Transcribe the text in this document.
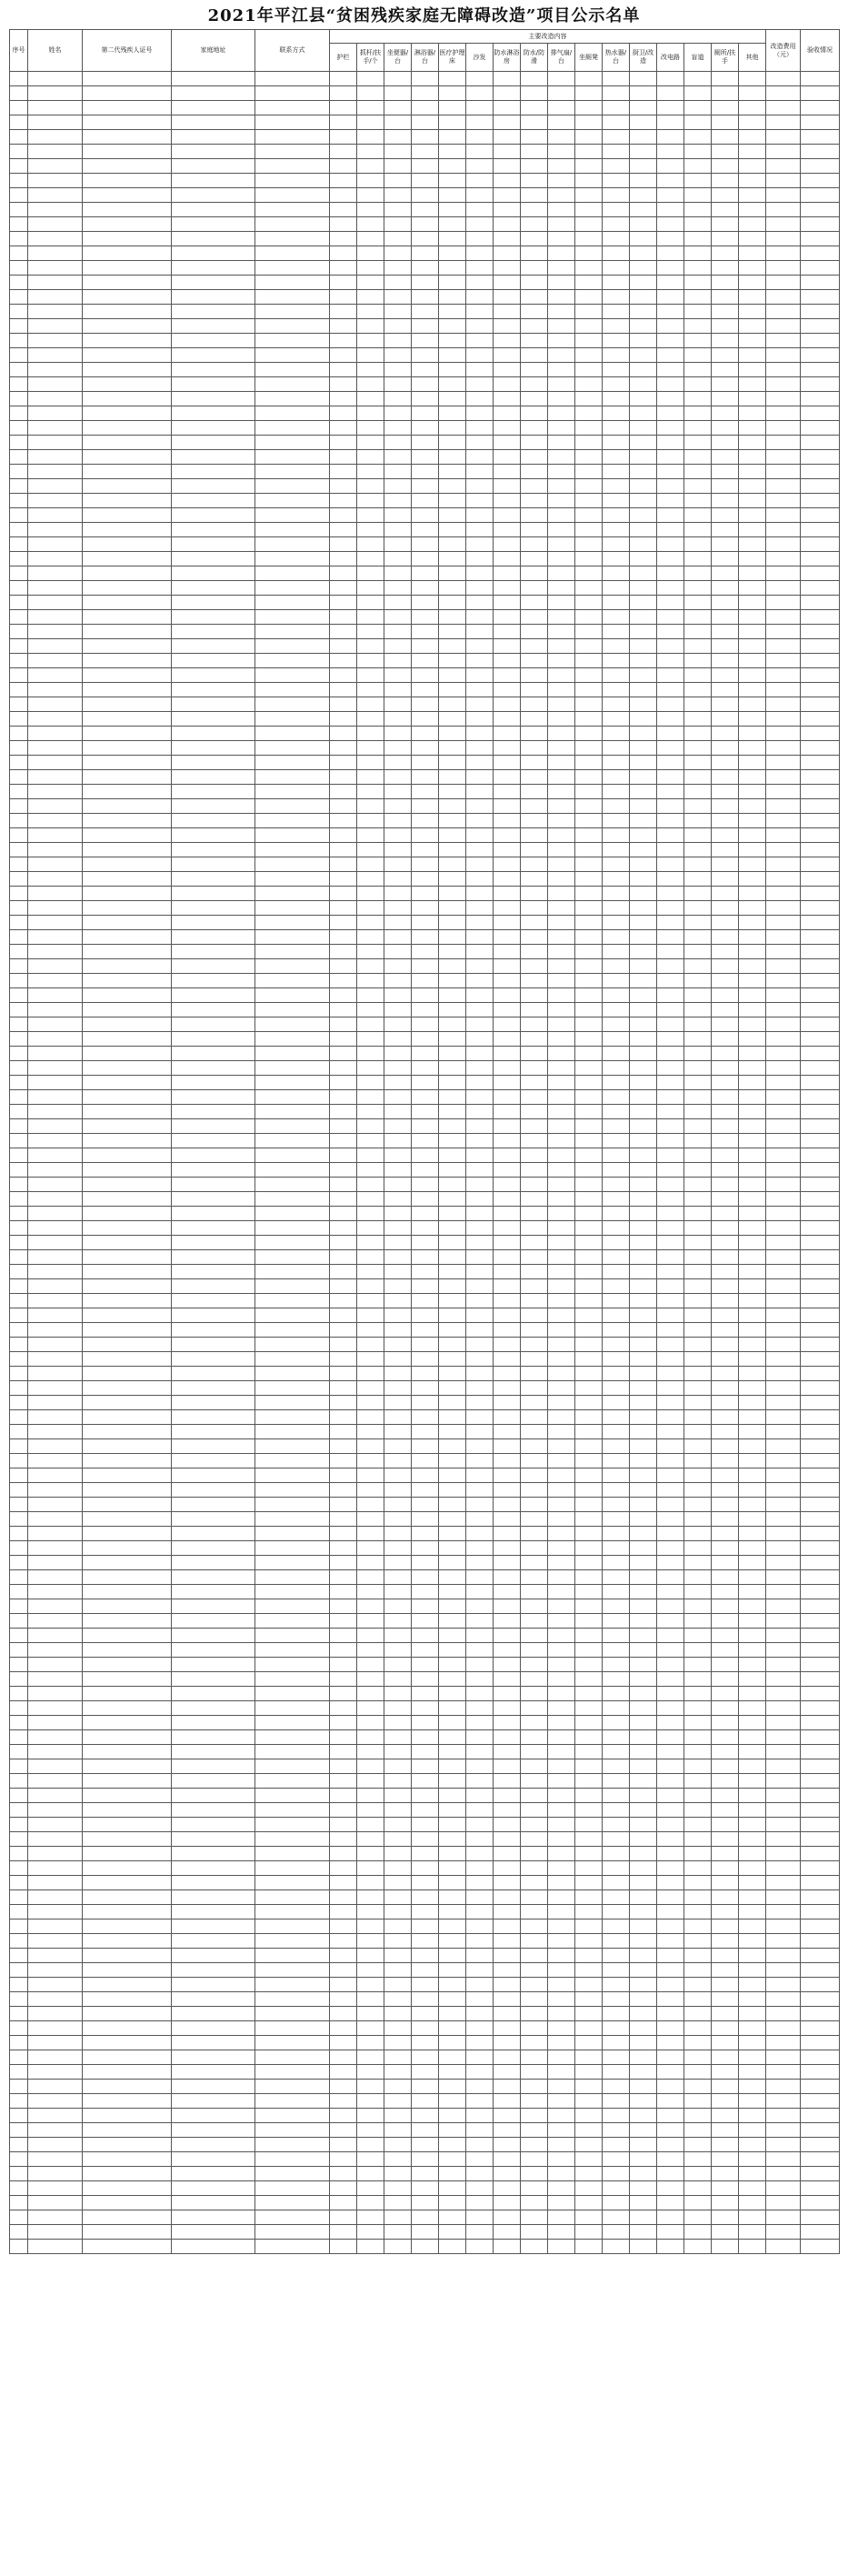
2021年平江县“贫困残疾家庭无障碍改造”项目公示名单
序号	姓名	第二代残疾人证号	家庭地址	联系方式	主要改造内容																改造费用（元）	验收情况
					护栏	抓杆/扶手/个	坐便器/台	淋浴器/台	医疗护理床	沙发	防水淋浴房	防水/防滑	排气扇/台	坐厕凳	热水器/台	厨卫/改造	改电路	盲道	厕所/扶手	其他		
